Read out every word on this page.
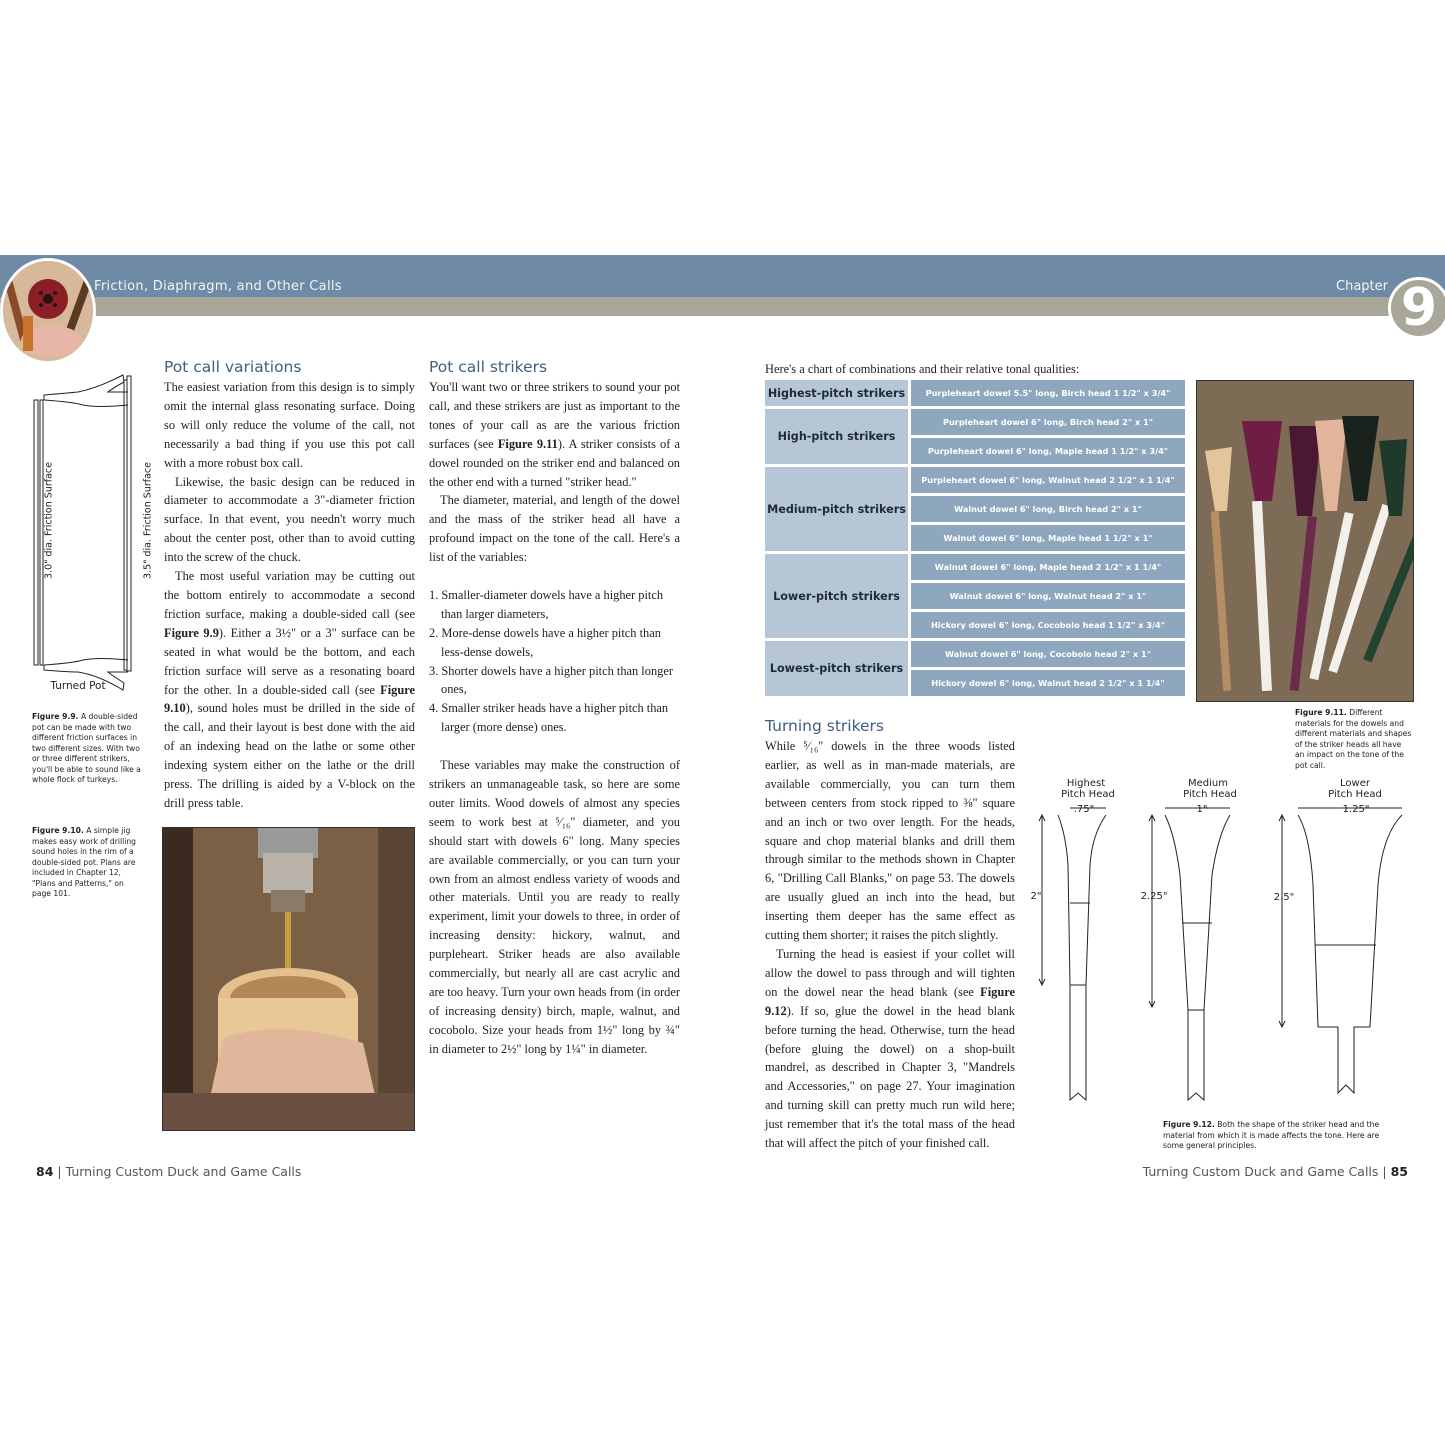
Friction, Diaphragm, and Other Calls	Chapter 9
3.0" dia. Friction Surface	3.5" dia. Friction Surface
Turned Pot
Figure 9.9. A double-sided pot can be made with two different friction surfaces in two different sizes. With two or three different strikers, you'll be able to sound like a whole flock of turkeys.
Figure 9.10. A simple jig makes easy work of drilling sound holes in the rim of a double-sided pot. Plans are included in Chapter 12, "Plans and Patterns," on page 101.
Pot call variations

The easiest variation from this design is to simply omit the internal glass resonating surface. Doing so will only reduce the volume of the call, not necessarily a bad thing if you use this pot call with a more robust box call.

Likewise, the basic design can be reduced in diameter to accommodate a 3"-diameter friction surface. In that event, you needn't worry much about the center post, other than to avoid cutting into the screw of the chuck.

The most useful variation may be cutting out the bottom entirely to accommodate a second friction surface, making a double-sided call (see Figure 9.9). Either a 3½" or a 3" surface can be seated in what would be the bottom, and each friction surface will serve as a resonating board for the other. In a double-sided call (see Figure 9.10), sound holes must be drilled in the side of the call, and their layout is best done with the aid of an indexing head on the lathe or some other indexing system either on the lathe or the drill press. The drilling is aided by a V-block on the drill press table.

Pot call strikers

You'll want two or three strikers to sound your pot call, and these strikers are just as important to the tones of your call as are the various friction surfaces (see Figure 9.11). A striker consists of a dowel rounded on the striker end and balanced on the other end with a turned "striker head."

The diameter, material, and length of the dowel and the mass of the striker head all have a profound impact on the tone of the call. Here's a list of the variables:

1. Smaller-diameter dowels have a higher pitch than larger diameters,

2. More-dense dowels have a higher pitch than less-dense dowels,

3. Shorter dowels have a higher pitch than longer ones,

4. Smaller striker heads have a higher pitch than larger (more dense) ones.

These variables may make the construction of strikers an unmanageable task, so here are some outer limits. Wood dowels of almost any species seem to work best at ⁵⁄₁₆" diameter, and you should start with dowels 6" long. Many species are available commercially, or you can turn your own from an almost endless variety of woods and other materials. Until you are ready to really experiment, limit your dowels to three, in order of increasing density: hickory, walnut, and purpleheart. Striker heads are also available commercially, but nearly all are cast acrylic and are too heavy. Turn your own heads from (in order of increasing density) birch, maple, walnut, and cocobolo. Size your heads from 1½" long by ¾" in diameter to 2½" long by 1¼" in diameter.

84 | Turning Custom Duck and Game Calls
Here's a chart of combinations and their relative tonal qualities:
Highest-pitch strikers	Purpleheart dowel 5.5" long, Birch head 1 1/2" x 3/4"
High-pitch strikers	Purpleheart dowel 6" long, Birch head 2" x 1"
	Purpleheart dowel 6" long, Maple head 1 1/2" x 3/4"
Medium-pitch strikers	Purpleheart dowel 6" long, Walnut head 2 1/2" x 1 1/4"
	Walnut dowel 6" long, Birch head 2" x 1"
	Walnut dowel 6" long, Maple head 1 1/2" x 1"
Lower-pitch strikers	Walnut dowel 6" long, Maple head 2 1/2" x 1 1/4"
	Walnut dowel 6" long, Walnut head 2" x 1"
	Hickory dowel 6" long, Cocobolo head 1 1/2" x 3/4"
Lowest-pitch strikers	Walnut dowel 6" long, Cocobolo head 2" x 1"
	Hickory dowel 6" long, Walnut head 2 1/2" x 1 1/4"
Figure 9.11. Different materials for the dowels and different materials and shapes of the striker heads all have an impact on the tone of the pot call.
Turning strikers

While ⁵⁄₁₆" dowels in the three woods listed earlier, as well as in man-made materials, are available commercially, you can turn them between centers from stock ripped to ⅜" square and an inch or two over length. For the heads, square and chop material blanks and drill them through similar to the methods shown in Chapter 6, "Drilling Call Blanks," on page 53. The dowels are usually glued an inch into the head, but inserting them deeper has the same effect as cutting them shorter; it raises the pitch slightly.

Turning the head is easiest if your collet will allow the dowel to pass through and will tighten on the dowel near the head blank (see Figure 9.12). If so, glue the dowel in the head blank before turning the head. Otherwise, turn the head (before gluing the dowel) on a shop-built mandrel, as described in Chapter 3, "Mandrels and Accessories," on page 27. Your imagination and turning skill can pretty much run wild here; just remember that it's the total mass of the head that will affect the pitch of your finished call.

Highest
Pitch Head
.75"
2"
Medium
Pitch Head
1"
2.25"
Lower
Pitch Head
1.25"
2.5"
Figure 9.12. Both the shape of the striker head and the material from which it is made affects the tone. Here are some general principles.
Turning Custom Duck and Game Calls | 85
